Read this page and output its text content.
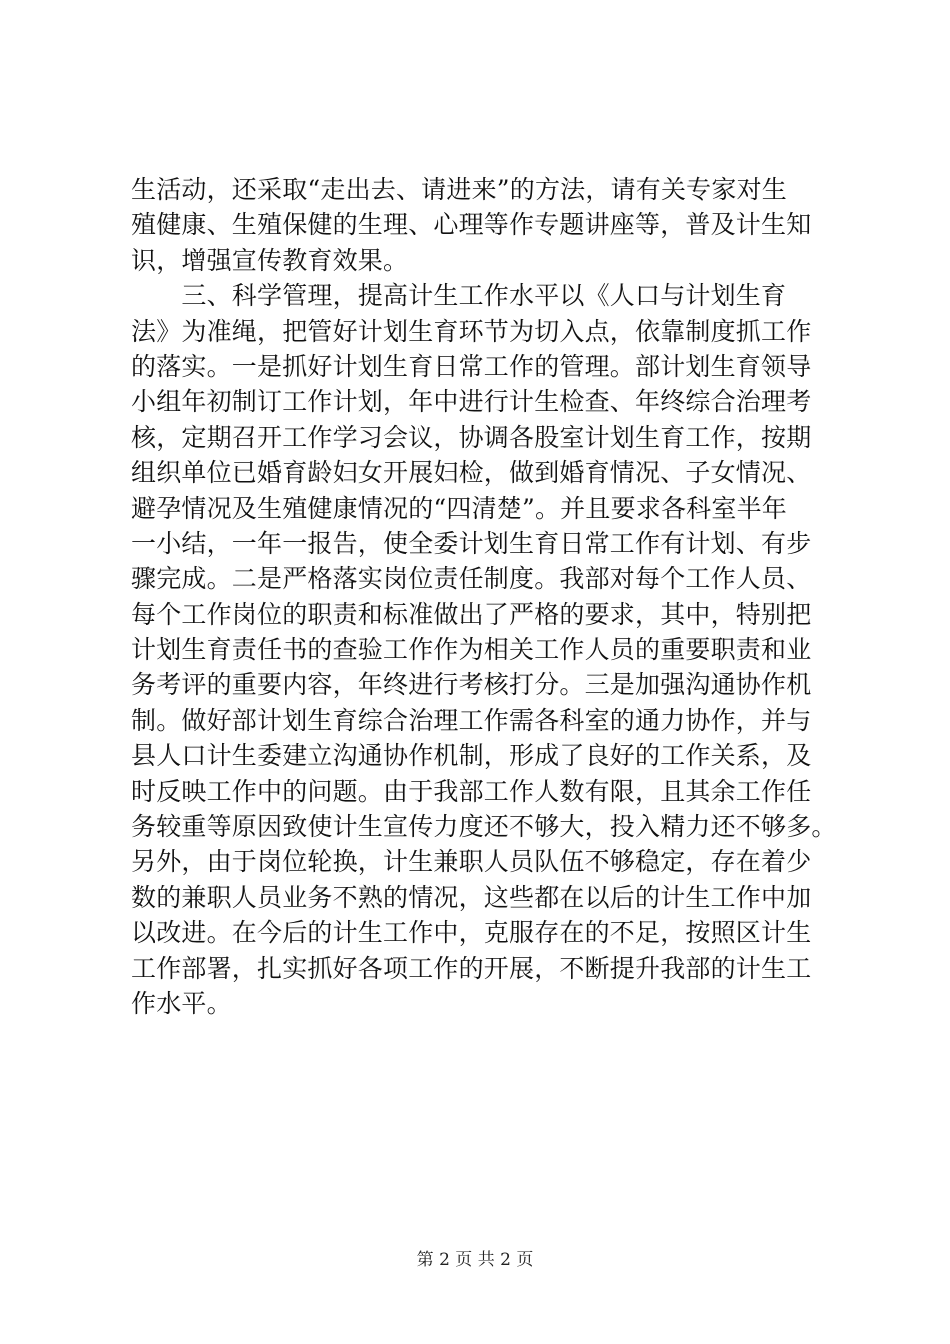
生活动，还采取“走出去、请进来”的方法，请有关专家对生
殖健康、生殖保健的生理、心理等作专题讲座等，普及计生知
识，增强宣传教育效果。
　　三、科学管理，提高计生工作水平以《人口与计划生育
法》为准绳，把管好计划生育环节为切入点，依靠制度抓工作
的落实。一是抓好计划生育日常工作的管理。部计划生育领导
小组年初制订工作计划，年中进行计生检查、年终综合治理考
核，定期召开工作学习会议，协调各股室计划生育工作，按期
组织单位已婚育龄妇女开展妇检，做到婚育情况、子女情况、
避孕情况及生殖健康情况的“四清楚”。并且要求各科室半年
一小结，一年一报告，使全委计划生育日常工作有计划、有步
骤完成。二是严格落实岗位责任制度。我部对每个工作人员、
每个工作岗位的职责和标准做出了严格的要求，其中，特别把
计划生育责任书的查验工作作为相关工作人员的重要职责和业
务考评的重要内容，年终进行考核打分。三是加强沟通协作机
制。做好部计划生育综合治理工作需各科室的通力协作，并与
县人口计生委建立沟通协作机制，形成了良好的工作关系，及
时反映工作中的问题。由于我部工作人数有限，且其余工作任
务较重等原因致使计生宣传力度还不够大，投入精力还不够多。
另外，由于岗位轮换，计生兼职人员队伍不够稳定，存在着少
数的兼职人员业务不熟的情况，这些都在以后的计生工作中加
以改进。在今后的计生工作中，克服存在的不足，按照区计生
工作部署，扎实抓好各项工作的开展，不断提升我部的计生工
作水平。
第 2 页 共 2 页
